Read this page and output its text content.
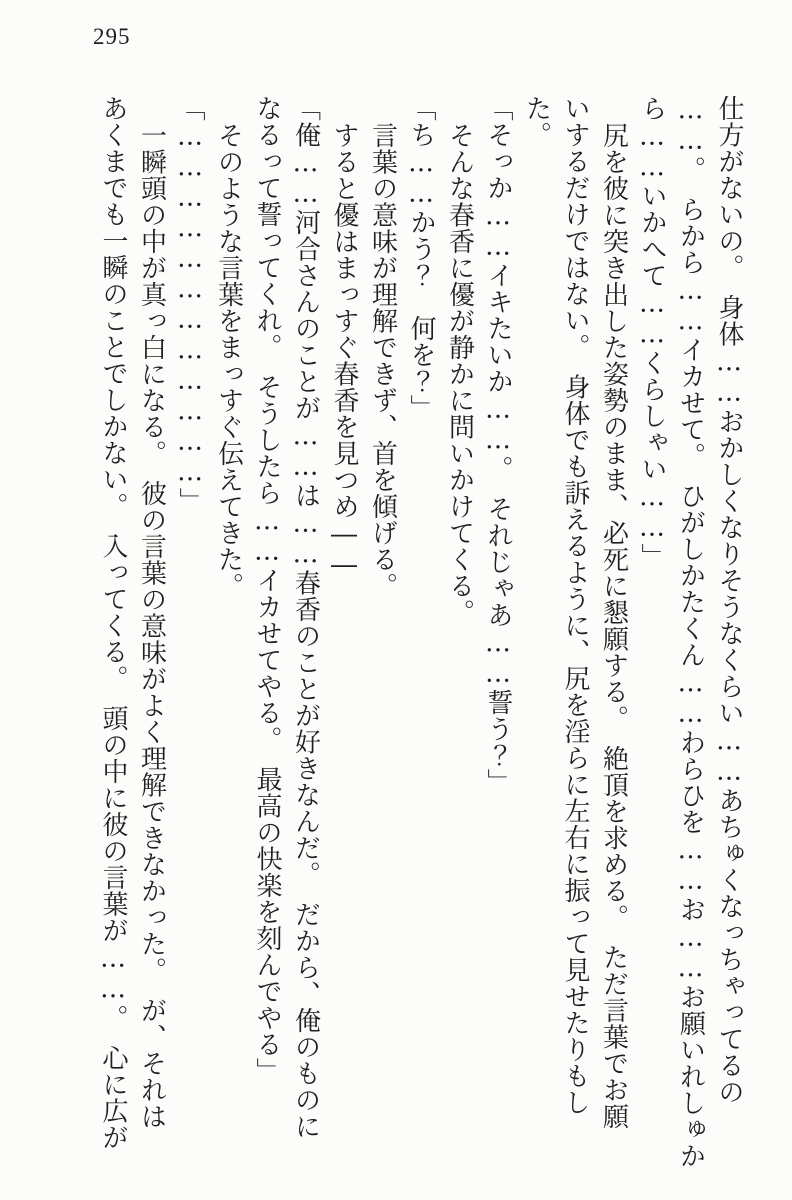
295

仕方がないの。　身体……おかしくなりそうなくらい……あちゅくなっちゃってるの

……。　らから……イカせて。　ひがしかたくん……わらひを……お……お願いれしゅか

ら……いかへて……くらしゃい……」

尻を彼に突き出した姿勢のまま、必死に懇願する。　絶頂を求める。　ただ言葉でお願

いするだけではない。　身体でも訴えるように、尻を淫らに左右に振って見せたりもし

た。

「そっか……イキたいか……。　それじゃあ……誓う？」

そんな春香に優が静かに問いかけてくる。

「ち……かう？　何を？」

言葉の意味が理解できず、首を傾げる。

すると優はまっすぐ春香を見つめ――

「俺……河合さんのことが……は……春香のことが好きなんだ。　だから、俺のものに

なるって誓ってくれ。　そうしたら……イカせてやる。　最高の快楽を刻んでやる」

そのような言葉をまっすぐ伝えてきた。

「………………………………」

一瞬頭の中が真っ白になる。　彼の言葉の意味がよく理解できなかった。　が、それは

あくまでも一瞬のことでしかない。　入ってくる。　頭の中に彼の言葉が……。　心に広が
